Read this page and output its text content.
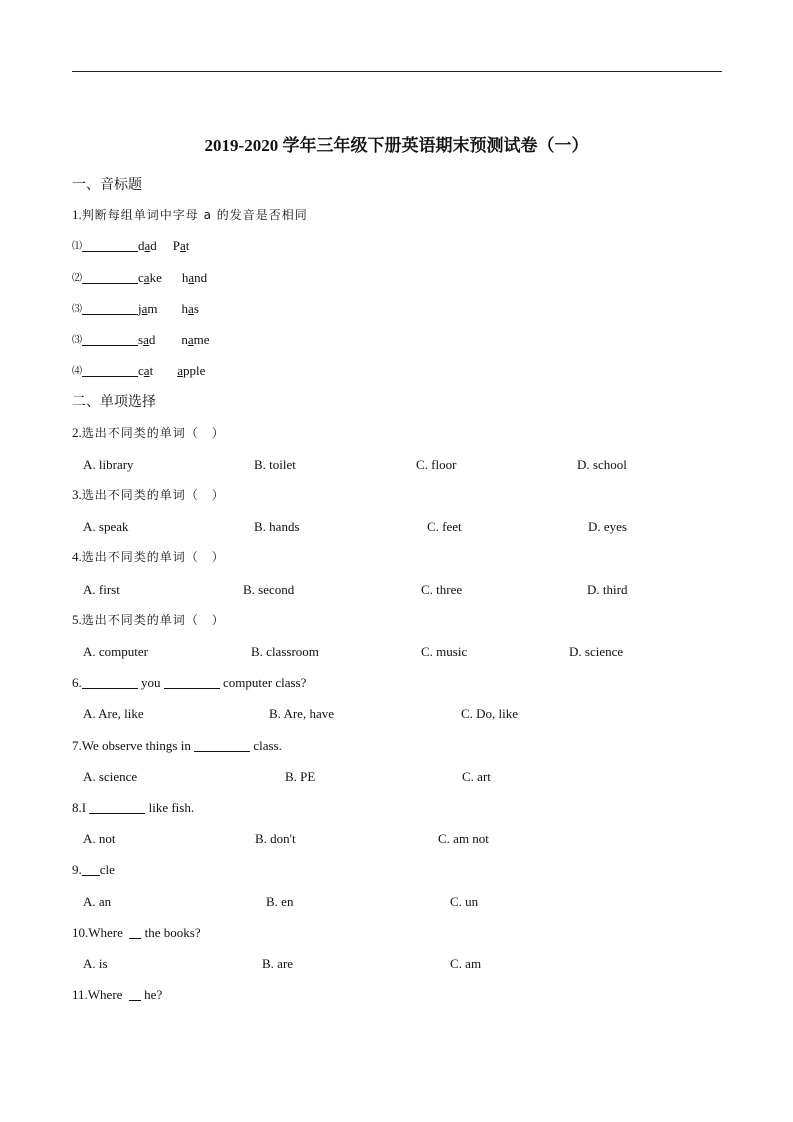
2019-2020 学年三年级下册英语期末预测试卷（一）
一、音标题
1.判断每组单词中字母 a 的发音是否相同
⑴	dad Pat
⑵	cake hand
⑶	jam has
⑶	sad name
⑷	cat apple
二、单项选择
2.选出不同类的单词（　）
A. library	B. toilet	C. floor	D. school
3.选出不同类的单词（　）
A. speak	B. hands	C. feet	D. eyes
4.选出不同类的单词（　）
A. first	B. second	C. three	D. third
5.选出不同类的单词（　）
A. computer	B. classroom	C. music	D. science
6.	you	computer class?
A. Are, like	B. Are, have	C. Do, like
7.We observe things in	class.
A. science	B. PE	C. art
8.I	like fish.
A. not	B. don't	C. am not
9. cle
A. an	B. en	C. un
10.Where the books?
A. is	B. are	C. am
11.Where he?
